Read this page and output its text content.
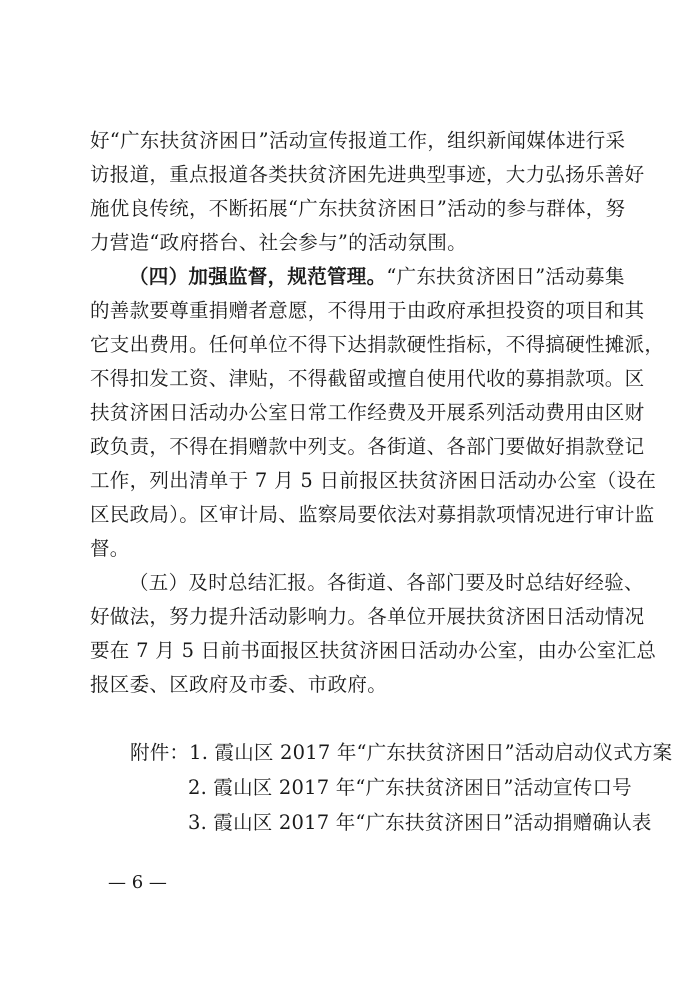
好“广东扶贫济困日”活动宣传报道工作，组织新闻媒体进行采
访报道，重点报道各类扶贫济困先进典型事迹，大力弘扬乐善好
施优良传统，不断拓展“广东扶贫济困日”活动的参与群体，努
力营造“政府搭台、社会参与”的活动氛围。
（四）加强监督，规范管理。“广东扶贫济困日”活动募集
的善款要尊重捐赠者意愿，不得用于由政府承担投资的项目和其
它支出费用。任何单位不得下达捐款硬性指标，不得搞硬性摊派，
不得扣发工资、津贴，不得截留或擅自使用代收的募捐款项。区
扶贫济困日活动办公室日常工作经费及开展系列活动费用由区财
政负责，不得在捐赠款中列支。各街道、各部门要做好捐款登记
工作，列出清单于 7 月 5 日前报区扶贫济困日活动办公室（设在
区民政局）。区审计局、监察局要依法对募捐款项情况进行审计监
督。
（五）及时总结汇报。各街道、各部门要及时总结好经验、
好做法，努力提升活动影响力。各单位开展扶贫济困日活动情况
要在 7 月 5 日前书面报区扶贫济困日活动办公室，由办公室汇总
报区委、区政府及市委、市政府。
附件：1. 霞山区 2017 年“广东扶贫济困日”活动启动仪式方案
2. 霞山区 2017 年“广东扶贫济困日”活动宣传口号
3. 霞山区 2017 年“广东扶贫济困日”活动捐赠确认表
— 6 —
